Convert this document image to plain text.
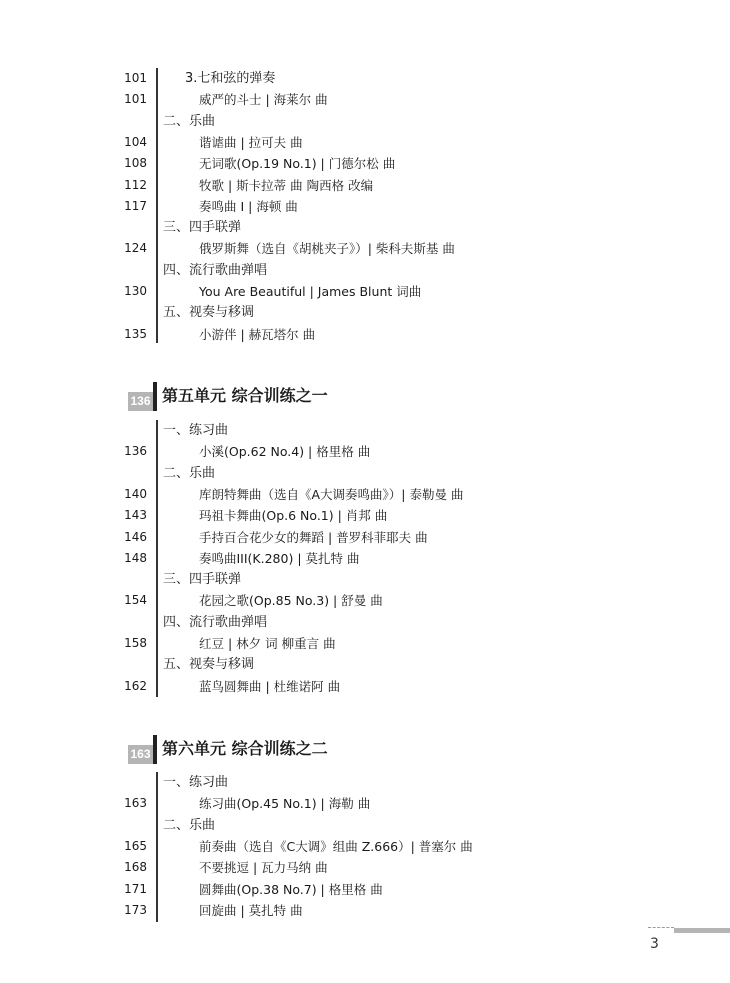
101	3.七和弦的弹奏
101	威严的斗士 | 海莱尔 曲
二、乐曲
104	谐谑曲 | 拉可夫 曲
108	无词歌(Op.19 No.1) | 门德尔松 曲
112	牧歌 | 斯卡拉蒂 曲 陶西格 改编
117	奏鸣曲 I | 海顿 曲
三、四手联弹
124	俄罗斯舞（选自《胡桃夹子》）| 柴科夫斯基 曲
四、流行歌曲弹唱
130	You Are Beautiful | James Blunt 词曲
五、视奏与移调
135	小游伴 | 赫瓦塔尔 曲
136 第五单元 综合训练之一
一、练习曲
136	小溪(Op.62 No.4) | 格里格 曲
二、乐曲
140	库朗特舞曲（选自《A大调奏鸣曲》）| 泰勒曼 曲
143	玛祖卡舞曲(Op.6 No.1) | 肖邦 曲
146	手持百合花少女的舞蹈 | 普罗科菲耶夫 曲
148	奏鸣曲III(K.280) | 莫扎特 曲
三、四手联弹
154	花园之歌(Op.85 No.3) | 舒曼 曲
四、流行歌曲弹唱
158	红豆 | 林夕 词 柳重言 曲
五、视奏与移调
162	蓝鸟圆舞曲 | 杜维诺阿 曲
163 第六单元 综合训练之二
一、练习曲
163	练习曲(Op.45 No.1) | 海勒 曲
二、乐曲
165	前奏曲（选自《C大调》组曲 Z.666）| 普塞尔 曲
168	不要挑逗 | 瓦力马纳 曲
171	圆舞曲(Op.38 No.7) | 格里格 曲
173	回旋曲 | 莫扎特 曲
3
